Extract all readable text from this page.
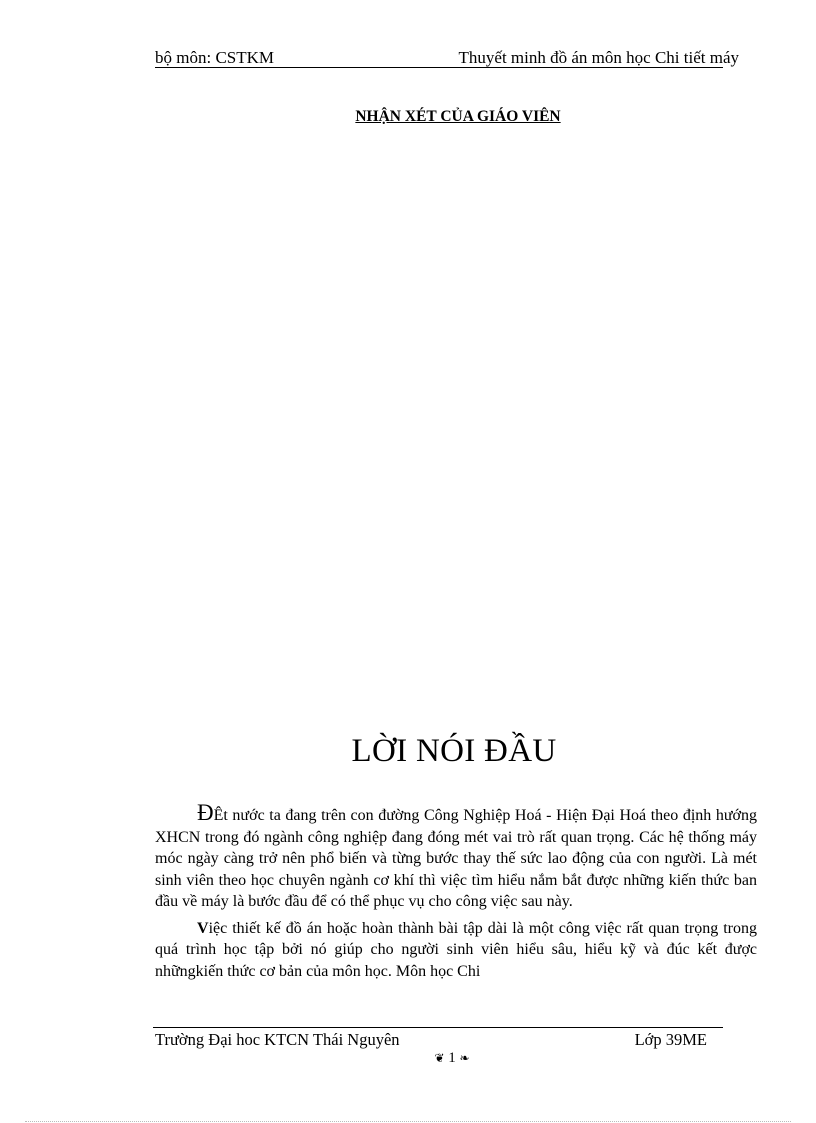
bộ môn: CSTKM	Thuyết minh đồ án môn học Chi tiết máy
NHẬN XÉT CỦA GIÁO VIÊN
LỜI NÓI ĐẦU

ĐÊt nước ta đang trên con đường Công Nghiệp Hoá - Hiện Đại Hoá theo định hướng XHCN trong đó ngành công nghiệp đang đóng mét vai trò rất quan trọng. Các hệ thống máy móc ngày càng trở nên phổ biến và từng bước thay thế sức lao động của con người. Là mét sinh viên theo học chuyên ngành cơ khí thì việc tìm hiểu nắm bắt được những kiến thức ban đầu về máy là bước đầu để có thể phục vụ cho công việc sau này.

Việc thiết kế đồ án hoặc hoàn thành bài tập dài là một công việc rất quan trọng trong quá trình học tập bởi nó giúp cho người sinh viên hiểu sâu, hiểu kỹ và đúc kết được nhữngkiến thức cơ bản của môn học. Môn học Chi

Trường Đại hoc KTCN Thái Nguyên	Lớp 39ME
❦ 1 ❧
